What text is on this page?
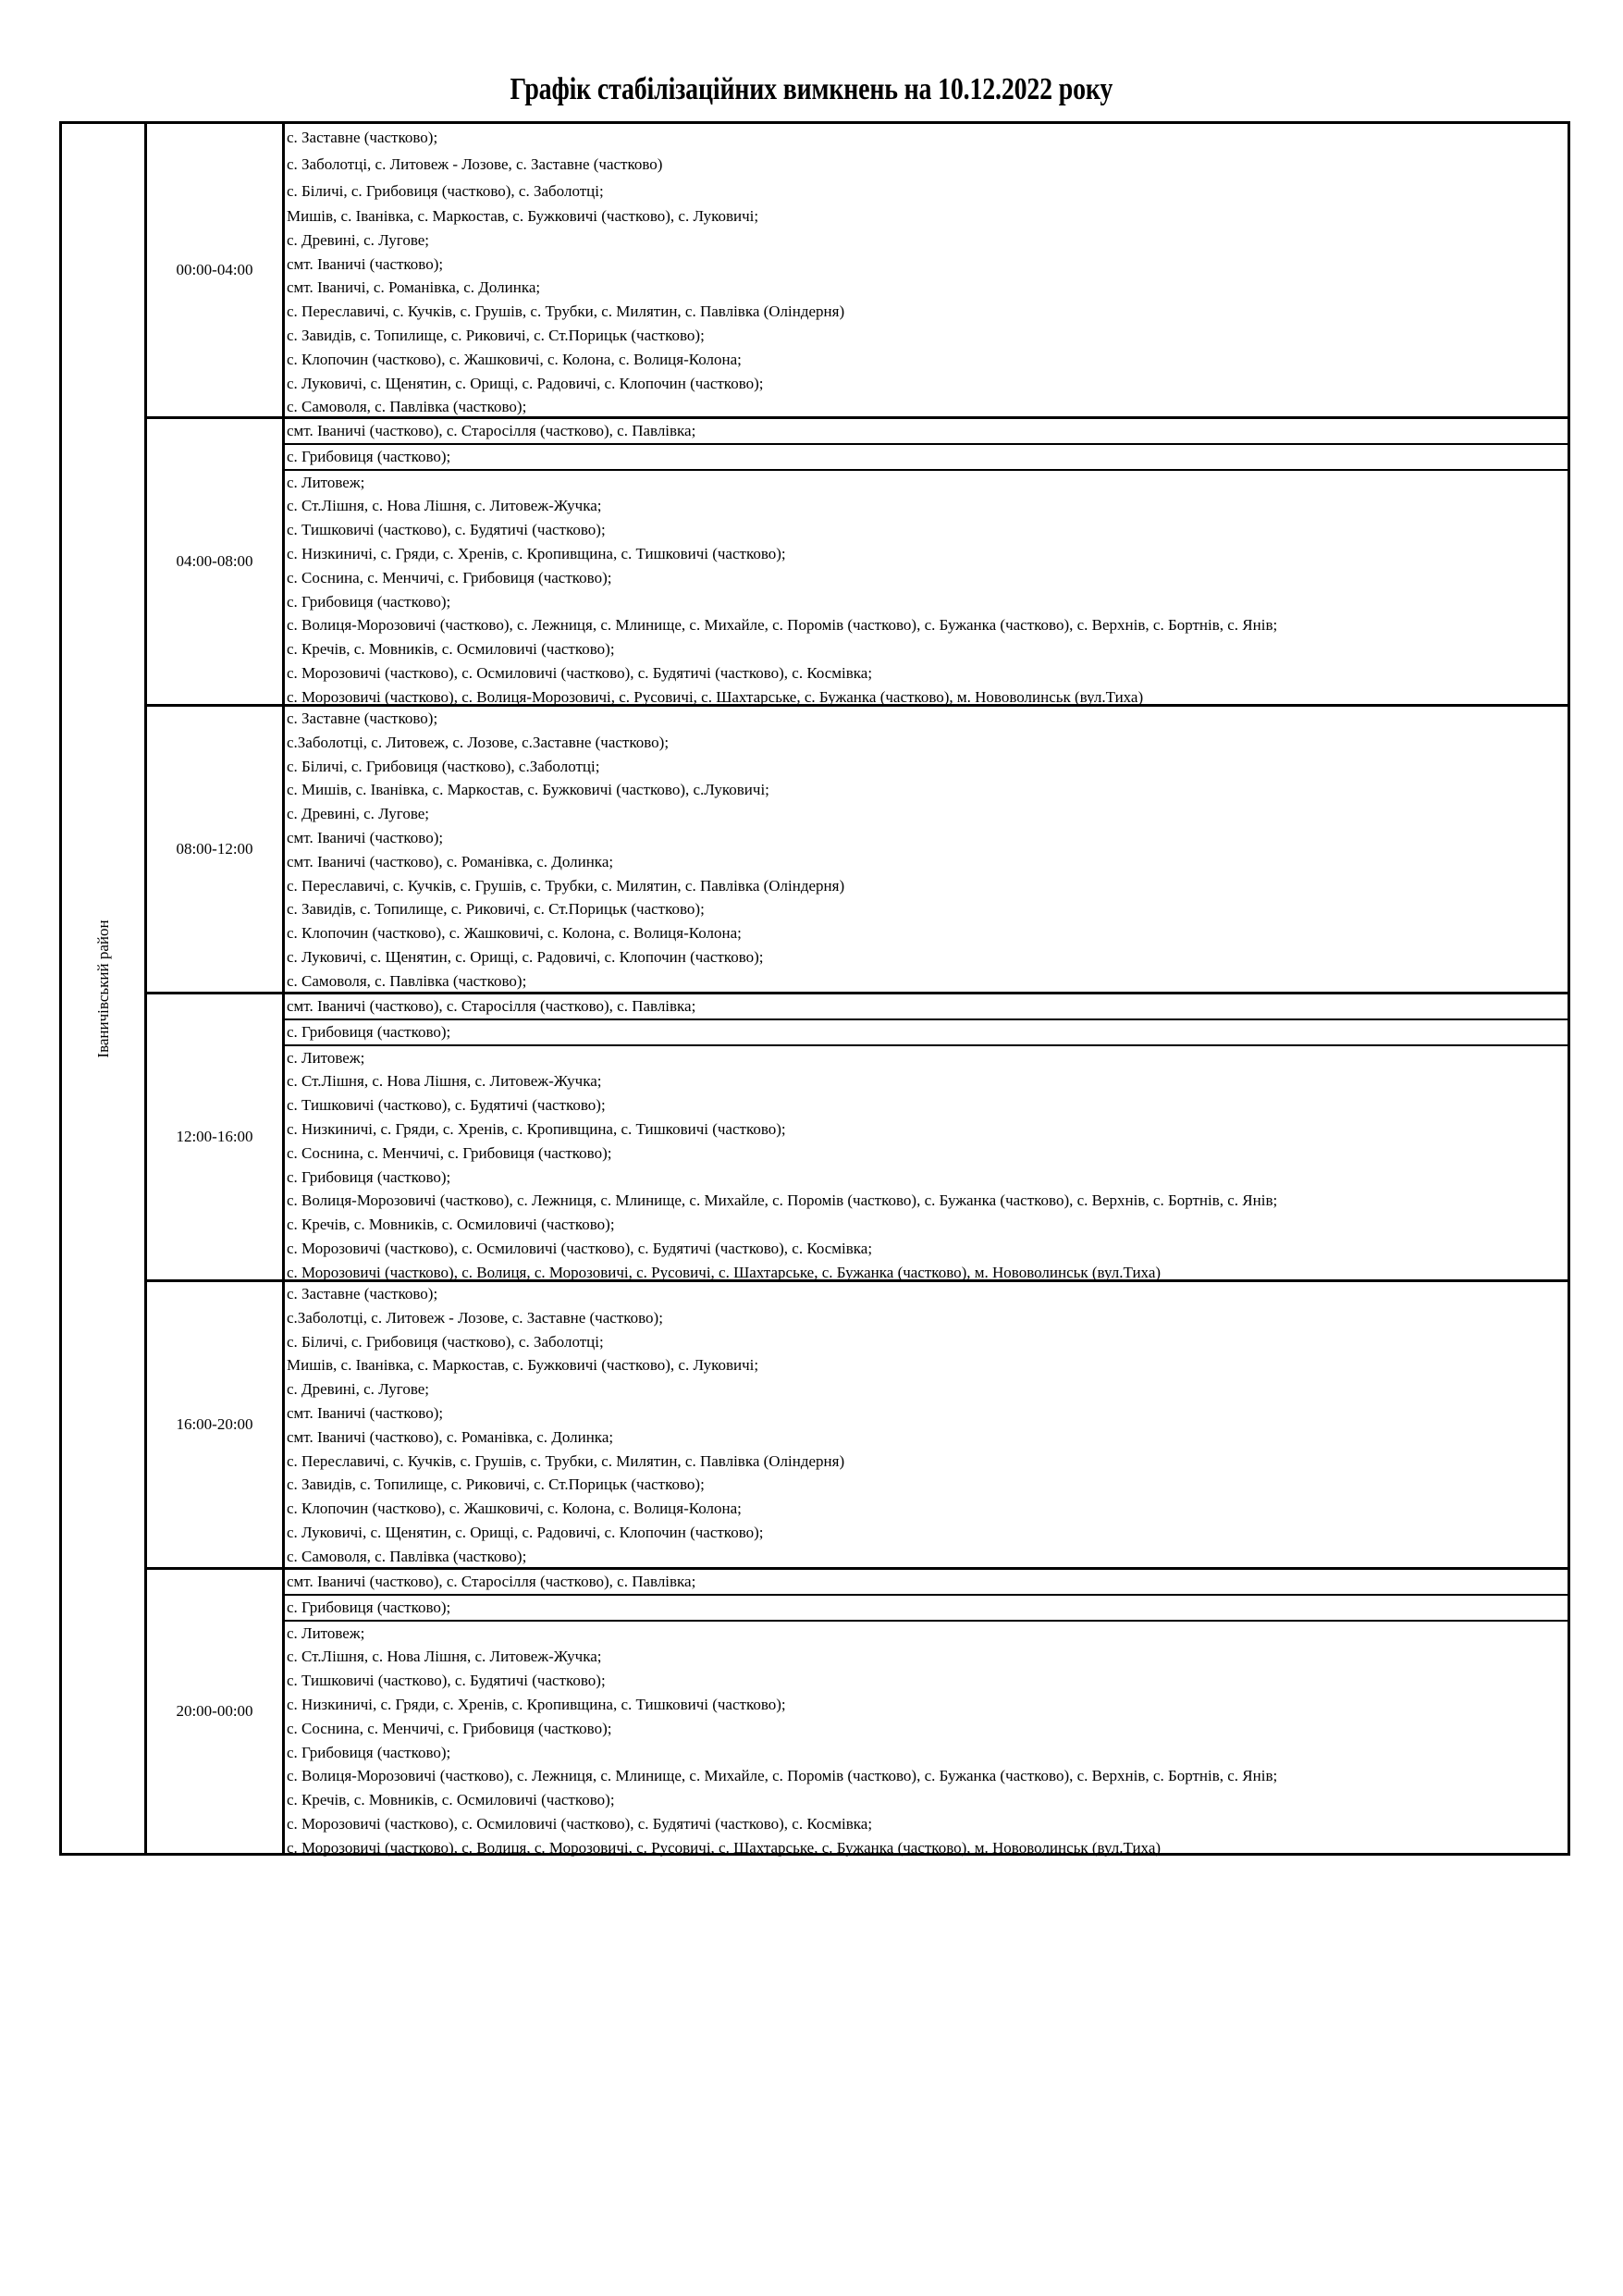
Графік стабілізаційних вимкнень на 10.12.2022 року
Іваничівський район
00:00-04:00
с. Заставне (частково);
с. Заболотці, с. Литовеж - Лозове, с. Заставне (частково)
с. Біличі, с. Грибовиця (частково), с. Заболотці;
Мишів, с. Іванівка, с. Маркостав, с. Бужковичі (частково), с. Луковичі;
с. Древині, с. Лугове;
смт. Іваничі (частково);
смт. Іваничі, с. Романівка, с. Долинка;
с. Переславичі, с. Кучків, с. Грушів, с. Трубки, с. Милятин, с. Павлівка (Оліндерня)
с. Завидів, с. Топилище, с. Риковичі, с. Ст.Порицьк (частково);
с. Клопочин (частково), с. Жашковичі, с. Колона, с. Волиця-Колона;
с. Луковичі, с. Щенятин, с. Орищі, с. Радовичі, с. Клопочин (частково);
с. Самоволя, с. Павлівка (частково);
04:00-08:00
смт. Іваничі (частково), с. Старосілля (частково), с. Павлівка;
с. Грибовиця (частково);
с. Литовеж;
с. Ст.Лішня, с. Нова Лішня, с. Литовеж-Жучка;
с. Тишковичі (частково), с. Будятичі (частково);
с. Низкиничі, с. Гряди, с. Хренів, с. Кропивщина, с. Тишковичі (частково);
с. Соснина, с. Менчичі, с. Грибовиця (частково);
с. Грибовиця (частково);
с. Волиця-Морозовичі (частково), с. Лежниця, с. Млинище, с. Михайле, с. Поромів (частково), с. Бужанка (частково), с. Верхнів, с. Бортнів, с. Янів;
с. Кречів, с. Мовників, с. Осмиловичі (частково);
с. Морозовичі (частково), с. Осмиловичі (частково), с. Будятичі (частково), с. Космівка;
с. Морозовичі (частково), с. Волиця-Морозовичі, с. Русовичі, с. Шахтарське, с. Бужанка (частково), м. Нововолинськ (вул.Тиха)
08:00-12:00
с. Заставне (частково);
с.Заболотці, с. Литовеж, с. Лозове, с.Заставне (частково);
с. Біличі, с. Грибовиця (частково), с.Заболотці;
с. Мишів, с. Іванівка, с. Маркостав, с. Бужковичі (частково), с.Луковичі;
с. Древині, с. Лугове;
смт. Іваничі (частково);
смт. Іваничі (частково), с. Романівка, с. Долинка;
с. Переславичі, с. Кучків, с. Грушів, с. Трубки, с. Милятин, с. Павлівка (Оліндерня)
с. Завидів, с. Топилище, с. Риковичі, с. Ст.Порицьк (частково);
с. Клопочин (частково), с. Жашковичі, с. Колона, с. Волиця-Колона;
с. Луковичі, с. Щенятин, с. Орищі, с. Радовичі, с. Клопочин (частково);
с. Самоволя, с. Павлівка (частково);
12:00-16:00
смт. Іваничі (частково), с. Старосілля (частково), с. Павлівка;
с. Грибовиця (частково);
с. Литовеж;
с. Ст.Лішня, с. Нова Лішня, с. Литовеж-Жучка;
с. Тишковичі (частково), с. Будятичі (частково);
с. Низкиничі, с. Гряди, с. Хренів, с. Кропивщина, с. Тишковичі (частково);
с. Соснина, с. Менчичі, с. Грибовиця (частково);
с. Грибовиця (частково);
с. Волиця-Морозовичі (частково), с. Лежниця, с. Млинище, с. Михайле, с. Поромів (частково), с. Бужанка (частково), с. Верхнів, с. Бортнів, с. Янів;
с. Кречів, с. Мовників, с. Осмиловичі (частково);
с. Морозовичі (частково), с. Осмиловичі (частково), с. Будятичі (частково), с. Космівка;
с. Морозовичі (частково), с. Волиця, с. Морозовичі, с. Русовичі, с. Шахтарське, с. Бужанка (частково), м. Нововолинськ (вул.Тиха)
16:00-20:00
с. Заставне (частково);
с.Заболотці, с. Литовеж - Лозове, с. Заставне (частково);
с. Біличі, с. Грибовиця (частково), с. Заболотці;
Мишів, с. Іванівка, с. Маркостав, с. Бужковичі (частково), с. Луковичі;
с. Древині, с. Лугове;
смт. Іваничі (частково);
смт. Іваничі (частково), с. Романівка, с. Долинка;
с. Переславичі, с. Кучків, с. Грушів, с. Трубки, с. Милятин, с. Павлівка (Оліндерня)
с. Завидів, с. Топилище, с. Риковичі, с. Ст.Порицьк (частково);
с. Клопочин (частково), с. Жашковичі, с. Колона, с. Волиця-Колона;
с. Луковичі, с. Щенятин, с. Орищі, с. Радовичі, с. Клопочин (частково);
с. Самоволя, с. Павлівка (частково);
20:00-00:00
смт. Іваничі (частково), с. Старосілля (частково), с. Павлівка;
с. Грибовиця (частково);
с. Литовеж;
с. Ст.Лішня, с. Нова Лішня, с. Литовеж-Жучка;
с. Тишковичі (частково), с. Будятичі (частково);
с. Низкиничі, с. Гряди, с. Хренів, с. Кропивщина, с. Тишковичі (частково);
с. Соснина, с. Менчичі, с. Грибовиця (частково);
с. Грибовиця (частково);
с. Волиця-Морозовичі (частково), с. Лежниця, с. Млинище, с. Михайле, с. Поромів (частково), с. Бужанка (частково), с. Верхнів, с. Бортнів, с. Янів;
с. Кречів, с. Мовників, с. Осмиловичі (частково);
с. Морозовичі (частково), с. Осмиловичі (частково), с. Будятичі (частково), с. Космівка;
с. Морозовичі (частково), с. Волиця, с. Морозовичі, с. Русовичі, с. Шахтарське, с. Бужанка (частково), м. Нововолинськ (вул.Тиха)
